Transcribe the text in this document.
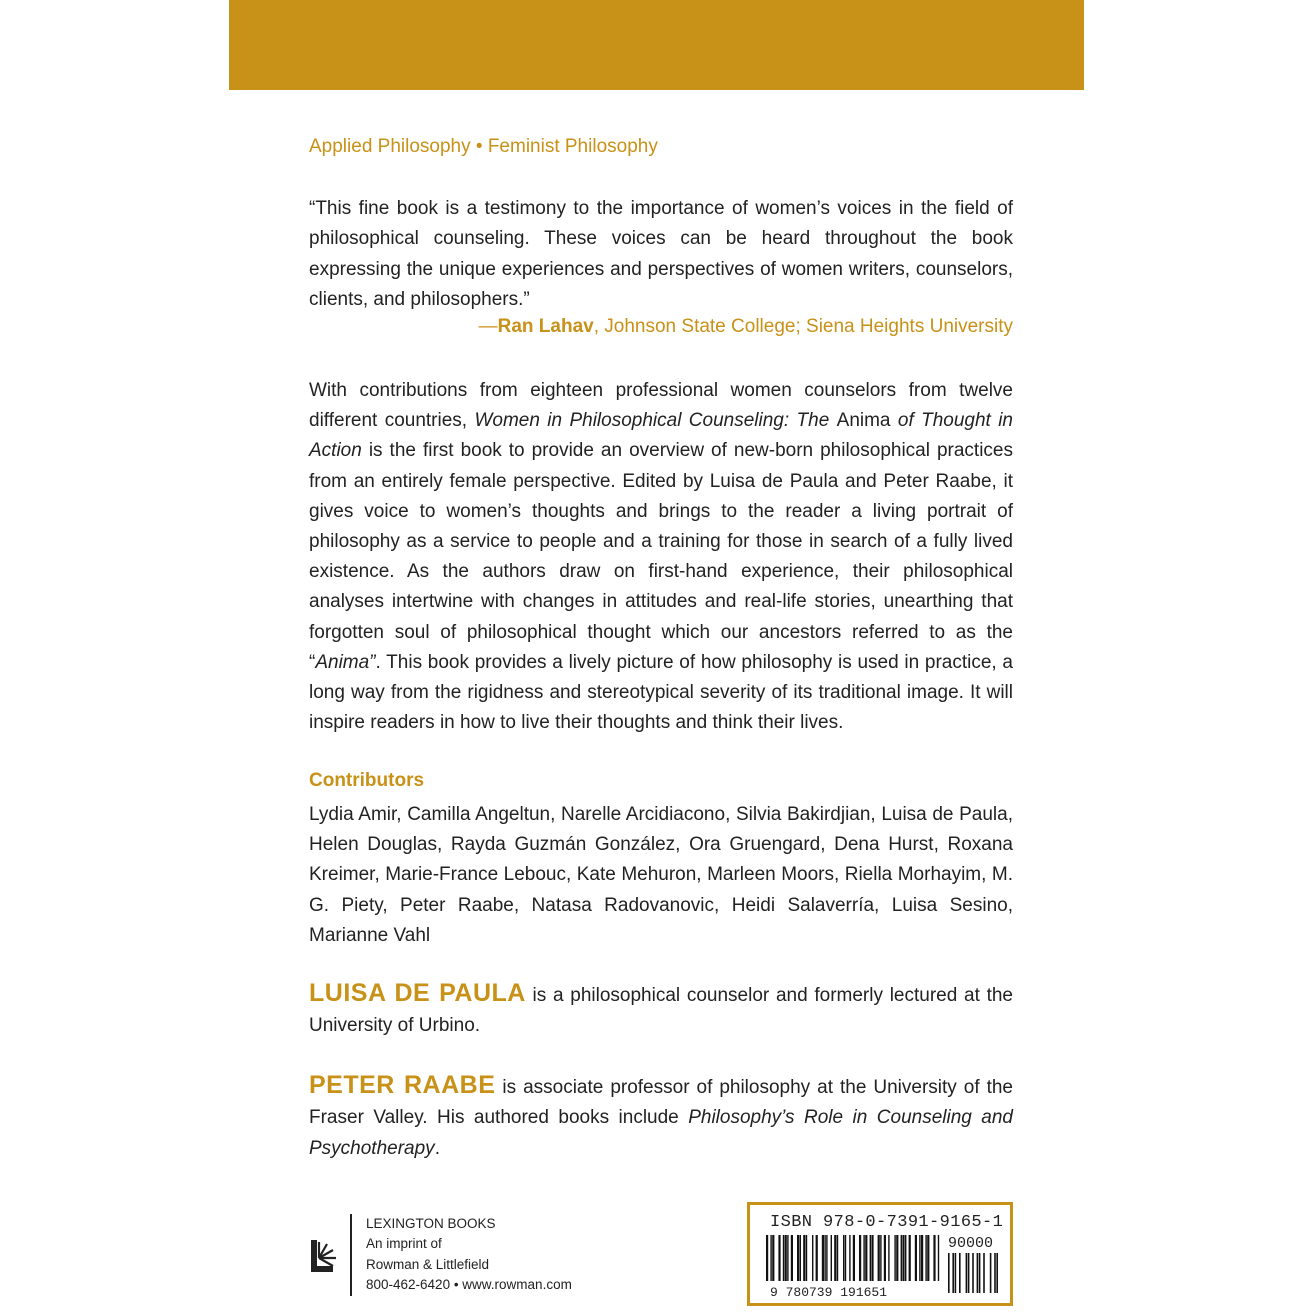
Applied Philosophy • Feminist Philosophy

“This fine book is a testimony to the importance of women’s voices in the field of philosophical counseling. These voices can be heard throughout the book expressing the unique experiences and perspectives of women writers, counselors, clients, and philosophers.”

—Ran Lahav, Johnson State College; Siena Heights University

With contributions from eighteen professional women counselors from twelve different countries, Women in Philosophical Counseling: The Anima of Thought in Action is the first book to provide an overview of new-born philosophical practices from an entirely female perspective. Edited by Luisa de Paula and Peter Raabe, it gives voice to women’s thoughts and brings to the reader a living portrait of philosophy as a service to people and a training for those in search of a fully lived existence. As the authors draw on first-hand experience, their philosophical analyses intertwine with changes in attitudes and real-life stories, unearthing that forgotten soul of philosophical thought which our ancestors referred to as the “Anima”. This book provides a lively picture of how philosophy is used in practice, a long way from the rigidness and stereotypical severity of its traditional image. It will inspire readers in how to live their thoughts and think their lives.

Contributors

Lydia Amir, Camilla Angeltun, Narelle Arcidiacono, Silvia Bakirdjian, Luisa de Paula, Helen Douglas, Rayda Guzmán González, Ora Gruengard, Dena Hurst, Roxana Kreimer, Marie-France Lebouc, Kate Mehuron, Marleen Moors, Riella Morhayim, M. G. Piety, Peter Raabe, Natasa Radovanovic, Heidi Salaverría, Luisa Sesino, Marianne Vahl

LUISA DE PAULA is a philosophical counselor and formerly lectured at the University of Urbino.

PETER RAABE is associate professor of philosophy at the University of the Fraser Valley. His authored books include Philosophy’s Role in Counseling and Psychotherapy.

LEXINGTON BOOKS
An imprint of
Rowman & Littlefield
800-462-6420 • www.rowman.com
ISBN 978-0-7391-9165-1
90000
9 780739 191651
